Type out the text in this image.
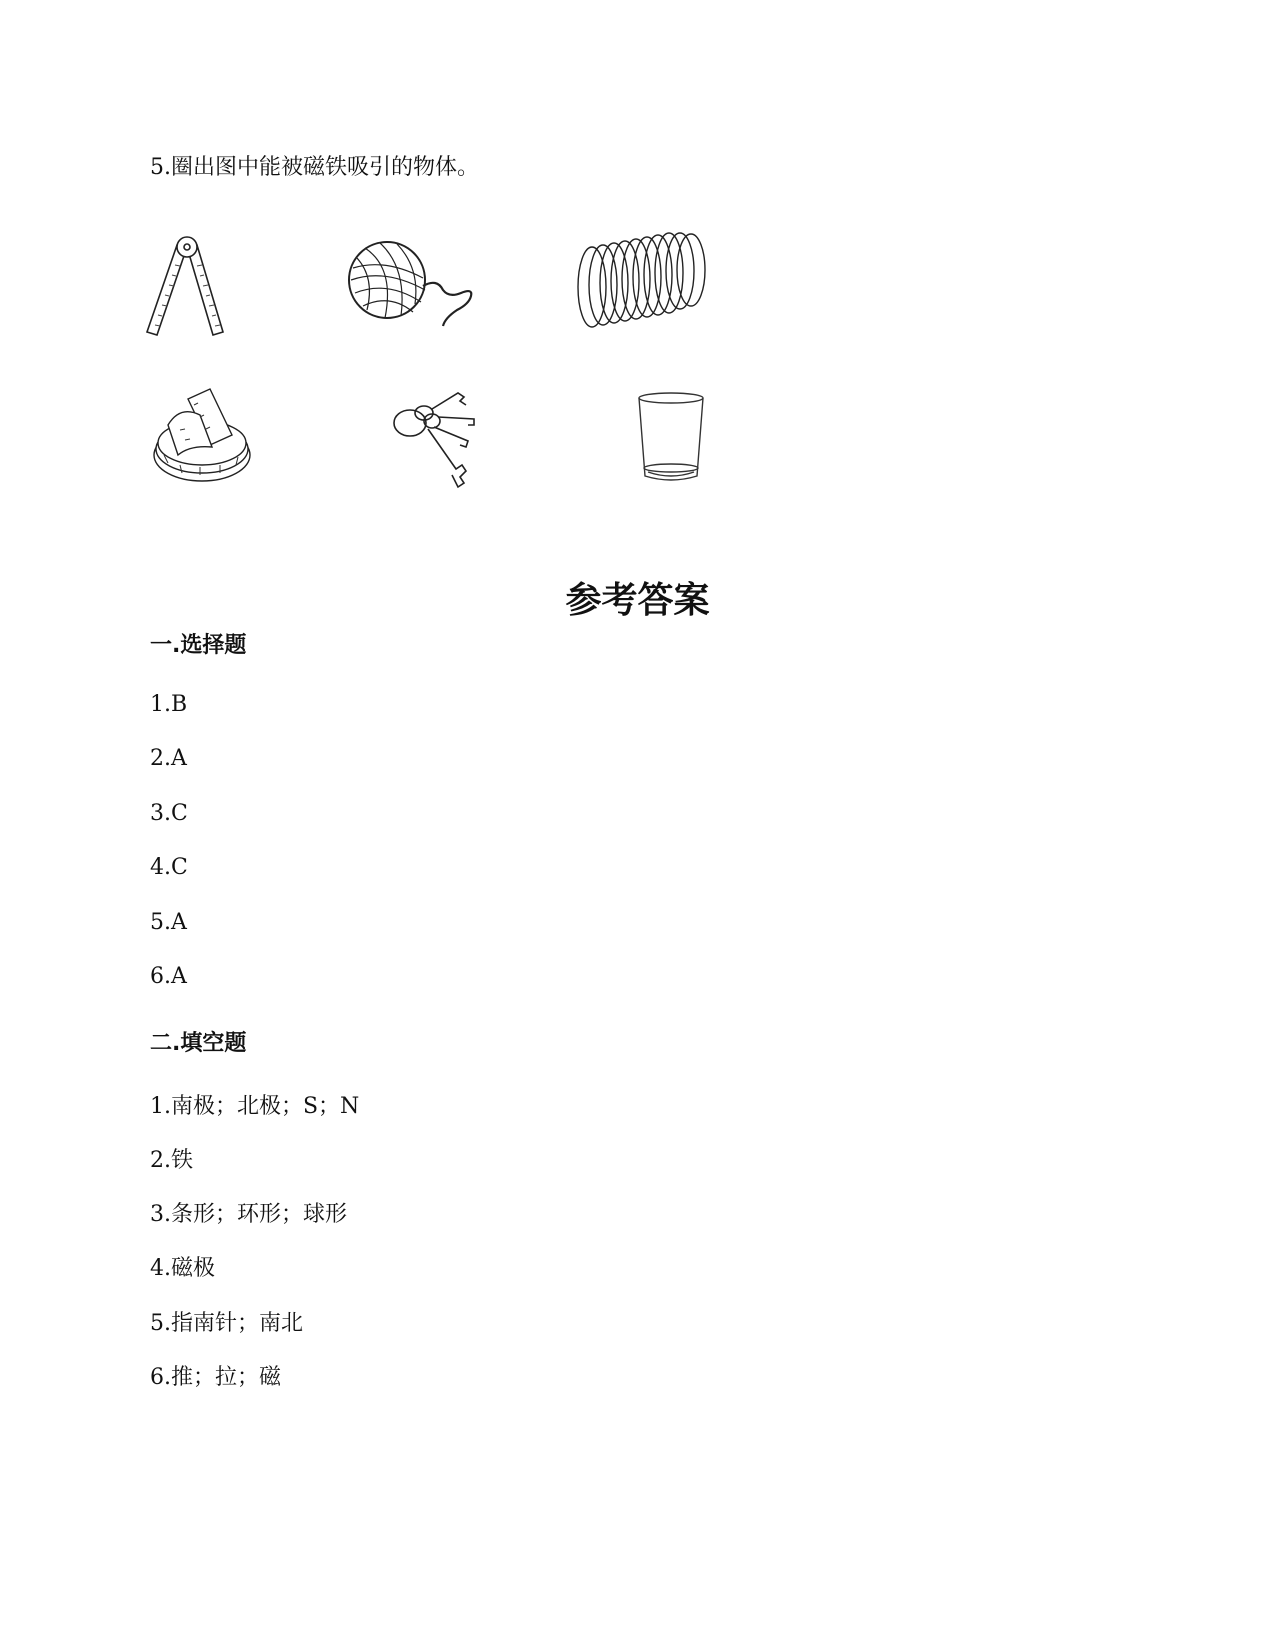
5.圈出图中能被磁铁吸引的物体。
参考答案
一.选择题
1.B
2.A
3.C
4.C
5.A
6.A
二.填空题
1.南极；北极；S；N
2.铁
3.条形；环形；球形
4.磁极
5.指南针；南北
6.推；拉；磁
